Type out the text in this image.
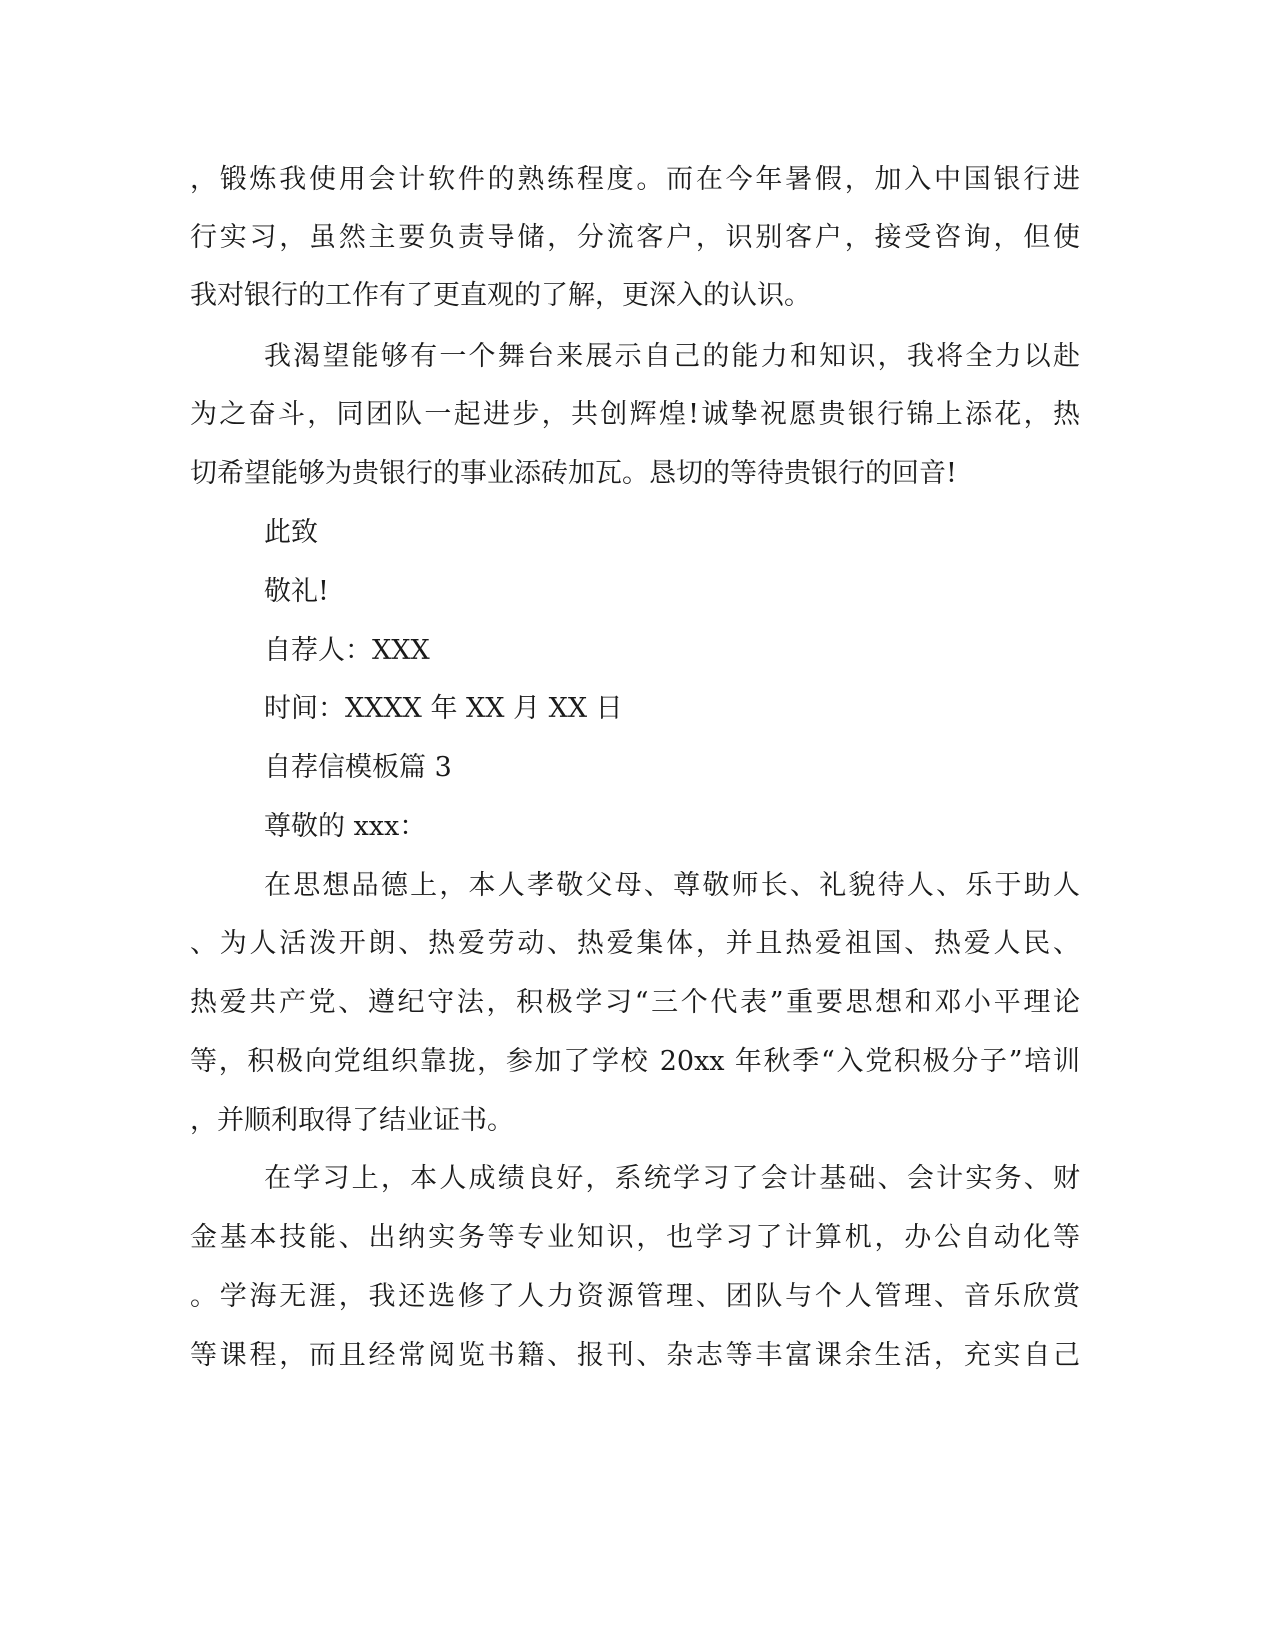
，锻炼我使用会计软件的熟练程度。而在今年暑假，加入中国银行进
行实习，虽然主要负责导储，分流客户，识别客户，接受咨询，但使
我对银行的工作有了更直观的了解，更深入的认识。
我渴望能够有一个舞台来展示自己的能力和知识，我将全力以赴
为之奋斗，同团队一起进步，共创辉煌!诚挚祝愿贵银行锦上添花，热
切希望能够为贵银行的事业添砖加瓦。恳切的等待贵银行的回音!
此致
敬礼!
自荐人：XXX
时间：XXXX 年 XX 月 XX 日
自荐信模板篇 3
尊敬的 xxx：
在思想品德上，本人孝敬父母、尊敬师长、礼貌待人、乐于助人
、为人活泼开朗、热爱劳动、热爱集体，并且热爱祖国、热爱人民、
热爱共产党、遵纪守法，积极学习“三个代表”重要思想和邓小平理论
等，积极向党组织靠拢，参加了学校 20xx 年秋季“入党积极分子”培训
，并顺利取得了结业证书。
在学习上，本人成绩良好，系统学习了会计基础、会计实务、财
金基本技能、出纳实务等专业知识，也学习了计算机，办公自动化等
。学海无涯，我还选修了人力资源管理、团队与个人管理、音乐欣赏
等课程，而且经常阅览书籍、报刊、杂志等丰富课余生活，充实自己
